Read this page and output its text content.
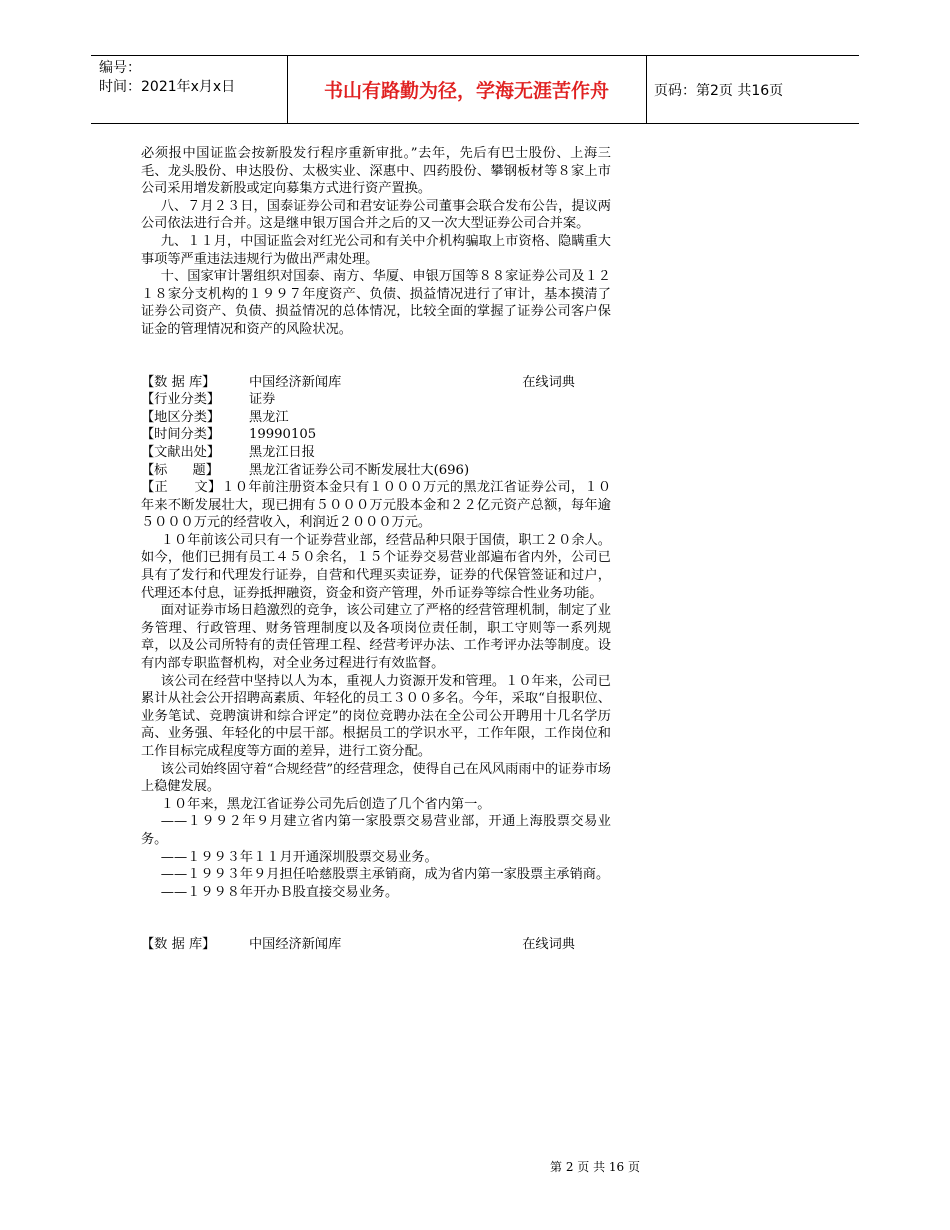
编号：
时间：2021年x月x日	书山有路勤为径，学海无涯苦作舟	页码：第2页 共16页

必须报中国证监会按新股发行程序重新审批。”去年，先后有巴士股份、上海三毛、龙头股份、申达股份、太极实业、深惠中、四药股份、攀钢板材等８家上市公司采用增发新股或定向募集方式进行资产置换。

八、７月２３日，国泰证券公司和君安证券公司董事会联合发布公告，提议两公司依法进行合并。这是继申银万国合并之后的又一次大型证券公司合并案。

九、１１月，中国证监会对红光公司和有关中介机构骗取上市资格、隐瞒重大事项等严重违法违规行为做出严肃处理。

十、国家审计署组织对国泰、南方、华厦、申银万国等８８家证券公司及１２１８家分支机构的１９９７年度资产、负债、损益情况进行了审计，基本摸清了证券公司资产、负债、损益情况的总体情况，比较全面的掌握了证券公司客户保证金的管理情况和资产的风险状况。

【数 据 库】	中国经济新闻库	在线词典
【行业分类】	证券
【地区分类】	黑龙江
【时间分类】	19990105
【文献出处】	黑龙江日报
【标      题】	黑龙江省证券公司不断发展壮大(696)

【正      文】１０年前注册资本金只有１０００万元的黑龙江省证券公司，１０年来不断发展壮大，现已拥有５０００万元股本金和２２亿元资产总额，每年逾５０００万元的经营收入，利润近２０００万元。

１０年前该公司只有一个证券营业部，经营品种只限于国债，职工２０余人。如今，他们已拥有员工４５０余名，１５个证券交易营业部遍布省内外，公司已具有了发行和代理发行证券，自营和代理买卖证券，证券的代保管签证和过户，代理还本付息，证券抵押融资，资金和资产管理，外币证券等综合性业务功能。

面对证券市场日趋激烈的竞争，该公司建立了严格的经营管理机制，制定了业务管理、行政管理、财务管理制度以及各项岗位责任制，职工守则等一系列规章，以及公司所特有的责任管理工程、经营考评办法、工作考评办法等制度。设有内部专职监督机构，对全业务过程进行有效监督。

该公司在经营中坚持以人为本，重视人力资源开发和管理。１０年来，公司已累计从社会公开招聘高素质、年轻化的员工３００多名。今年，采取“自报职位、业务笔试、竞聘演讲和综合评定”的岗位竞聘办法在全公司公开聘用十几名学历高、业务强、年轻化的中层干部。根据员工的学识水平，工作年限，工作岗位和工作目标完成程度等方面的差异，进行工资分配。

该公司始终固守着“合规经营”的经营理念，使得自己在风风雨雨中的证券市场上稳健发展。

１０年来，黑龙江省证券公司先后创造了几个省内第一。

——１９９２年９月建立省内第一家股票交易营业部，开通上海股票交易业务。

——１９９３年１１月开通深圳股票交易业务。

——１９９３年９月担任哈慈股票主承销商，成为省内第一家股票主承销商。

——１９９８年开办Ｂ股直接交易业务。

【数 据 库】	中国经济新闻库	在线词典
第 2 页 共 16 页
